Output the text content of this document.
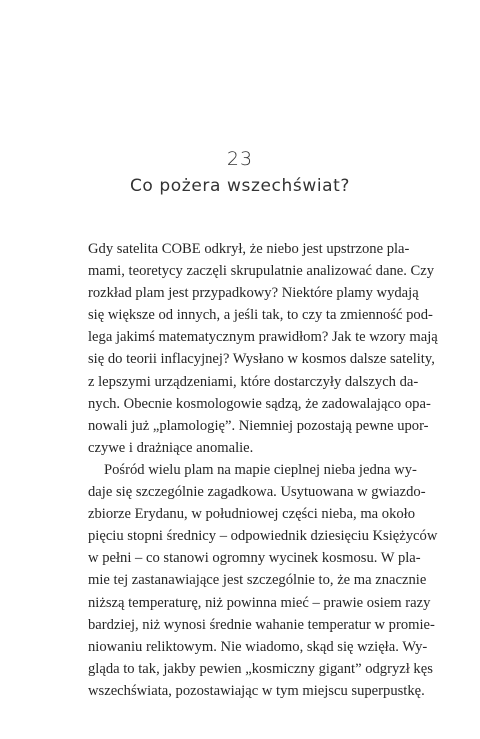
23
Co pożera wszechświat?
Gdy satelita COBE odkrył, że niebo jest upstrzone pla-
mami, teoretycy zaczęli skrupulatnie analizować dane. Czy
rozkład plam jest przypadkowy? Niektóre plamy wydają
się większe od innych, a jeśli tak, to czy ta zmienność pod-
lega jakimś matematycznym prawidłom? Jak te wzory mają
się do teorii inflacyjnej? Wysłano w kosmos dalsze satelity,
z lepszymi urządzeniami, które dostarczyły dalszych da-
nych. Obecnie kosmologowie sądzą, że zadowalająco opa-
nowali już „plamologię”. Niemniej pozostają pewne upor-
czywe i drażniące anomalie.
Pośród wielu plam na mapie cieplnej nieba jedna wy-
daje się szczególnie zagadkowa. Usytuowana w gwiazdo-
zbiorze Erydanu, w południowej części nieba, ma około
pięciu stopni średnicy – odpowiednik dziesięciu Księżyców
w pełni – co stanowi ogromny wycinek kosmosu. W pla-
mie tej zastanawiające jest szczególnie to, że ma znacznie
niższą temperaturę, niż powinna mieć – prawie osiem razy
bardziej, niż wynosi średnie wahanie temperatur w promie-
niowaniu reliktowym. Nie wiadomo, skąd się wzięła. Wy-
gląda to tak, jakby pewien „kosmiczny gigant” odgryzł kęs
wszechświata, pozostawiając w tym miejscu superpustkę.
